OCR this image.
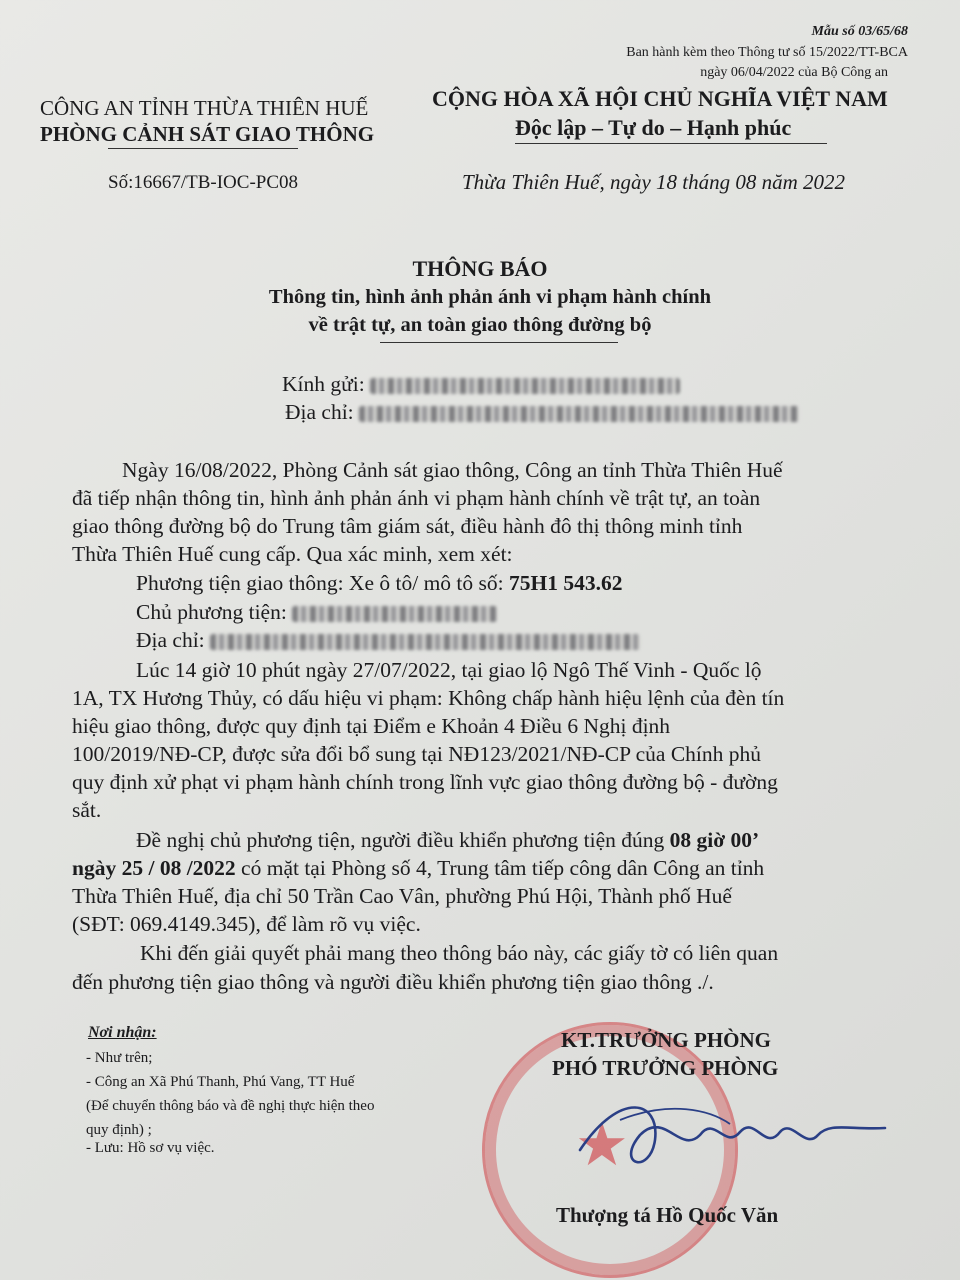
Mẫu số 03/65/68
Ban hành kèm theo Thông tư số 15/2022/TT-BCA
ngày 06/04/2022 của Bộ Công an
CÔNG AN TỈNH THỪA THIÊN HUẾ
PHÒNG CẢNH SÁT GIAO THÔNG
Số:16667/TB-IOC-PC08
CỘNG HÒA XÃ HỘI CHỦ NGHĨA VIỆT NAM
Độc lập – Tự do – Hạnh phúc
Thừa Thiên Huế, ngày 18 tháng 08 năm 2022
THÔNG BÁO
Thông tin, hình ảnh phản ánh vi phạm hành chính
về trật tự, an toàn giao thông đường bộ
Kính gửi:
Địa chỉ:
Ngày 16/08/2022, Phòng Cảnh sát giao thông, Công an tỉnh Thừa Thiên Huế
đã tiếp nhận thông tin, hình ảnh phản ánh vi phạm hành chính về trật tự, an toàn
giao thông đường bộ do Trung tâm giám sát, điều hành đô thị thông minh tỉnh
Thừa Thiên Huế cung cấp. Qua xác minh, xem xét:
Phương tiện giao thông: Xe ô tô/ mô tô số: 75H1 543.62
Chủ phương tiện:
Địa chỉ:
Lúc 14 giờ 10 phút ngày 27/07/2022, tại giao lộ Ngô Thế Vinh - Quốc lộ
1A, TX Hương Thủy, có dấu hiệu vi phạm: Không chấp hành hiệu lệnh của đèn tín
hiệu giao thông, được quy định tại Điểm e Khoản 4 Điều 6 Nghị định
100/2019/NĐ-CP, được sửa đổi bổ sung tại NĐ123/2021/NĐ-CP của Chính phủ
quy định xử phạt vi phạm hành chính trong lĩnh vực giao thông đường bộ - đường
sắt.
Đề nghị chủ phương tiện, người điều khiển phương tiện đúng 08 giờ 00’
ngày 25 / 08 /2022 có mặt tại Phòng số 4, Trung tâm tiếp công dân Công an tỉnh
Thừa Thiên Huế, địa chỉ 50 Trần Cao Vân, phường Phú Hội, Thành phố Huế
(SĐT: 069.4149.345), để làm rõ vụ việc.
Khi đến giải quyết phải mang theo thông báo này, các giấy tờ có liên quan
đến phương tiện giao thông và người điều khiển phương tiện giao thông ./.
Nơi nhận:
- Như trên;
- Công an Xã Phú Thanh, Phú Vang, TT Huế
(Để chuyển thông báo và đề nghị thực hiện theo
quy định) ;
- Lưu: Hồ sơ vụ việc.	★
KT.TRƯỞNG PHÒNG
PHÓ TRƯỞNG PHÒNG
Thượng tá Hồ Quốc Văn
